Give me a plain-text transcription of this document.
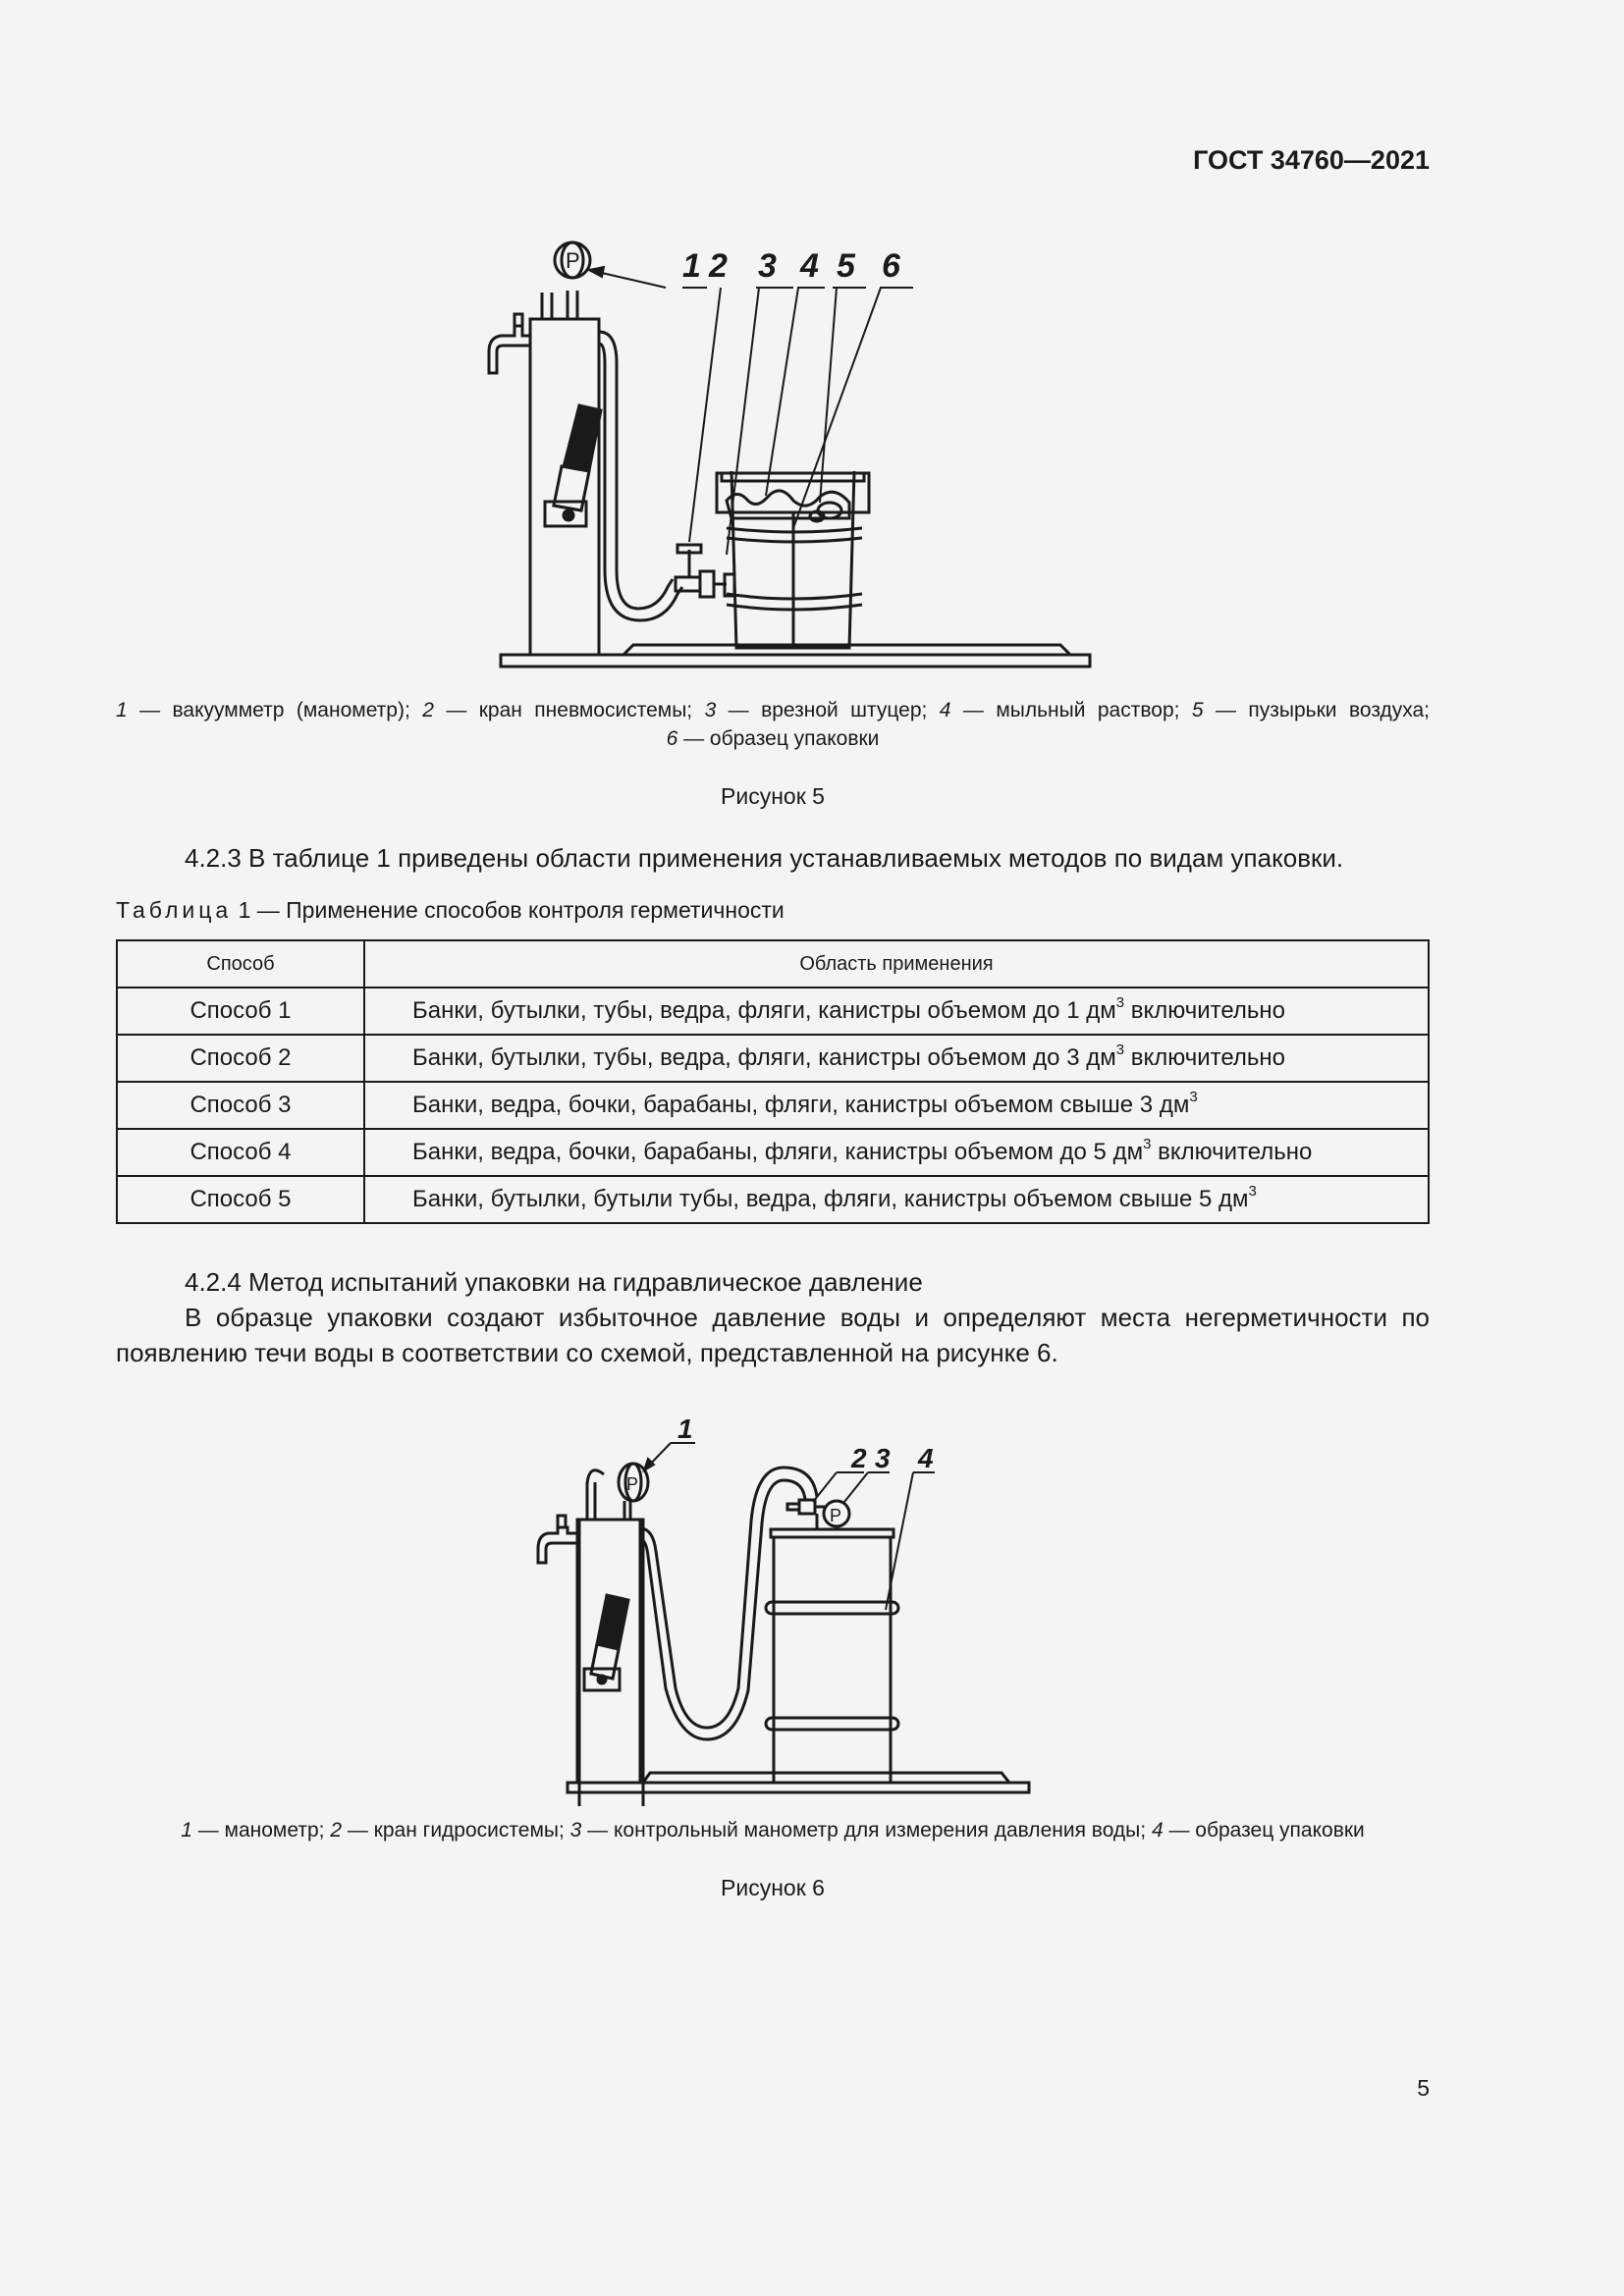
ГОСТ 34760—2021
P	1 2 3 4 5 6
1 — вакуумметр (манометр); 2 — кран пневмосистемы; 3 — врезной штуцер; 4 — мыльный раствор; 5 — пузырьки воздуха;
6 — образец упаковки
Рисунок 5
4.2.3 В таблице 1 приведены области применения устанавливаемых методов по видам упаковки.
Таблица 1 — Применение способов контроля герметичности
Способ	Область применения
Способ 1	Банки, бутылки, тубы, ведра, фляги, канистры объемом до 1 $дм^3$ включительно
Способ 2	Банки, бутылки, тубы, ведра, фляги, канистры объемом до 3 $дм^3$ включительно
Способ 3	Банки, ведра, бочки, барабаны, фляги, канистры объемом свыше 3 $дм^3$
Способ 4	Банки, ведра, бочки, барабаны, фляги, канистры объемом до 5 $дм^3$ включительно
Способ 5	Банки, бутылки, бутыли тубы, ведра, фляги, канистры объемом свыше 5 $дм^3$
4.2.4 Метод испытаний упаковки на гидравлическое давление
В образце упаковки создают избыточное давление воды и определяют места негерметичности по
появлению течи воды в соответствии со схемой, представленной на рисунке 6.
P
P
1
2 3 4
1 — манометр; 2 — кран гидросистемы; 3 — контрольный манометр для измерения давления воды; 4 — образец упаковки
Рисунок 6
5
